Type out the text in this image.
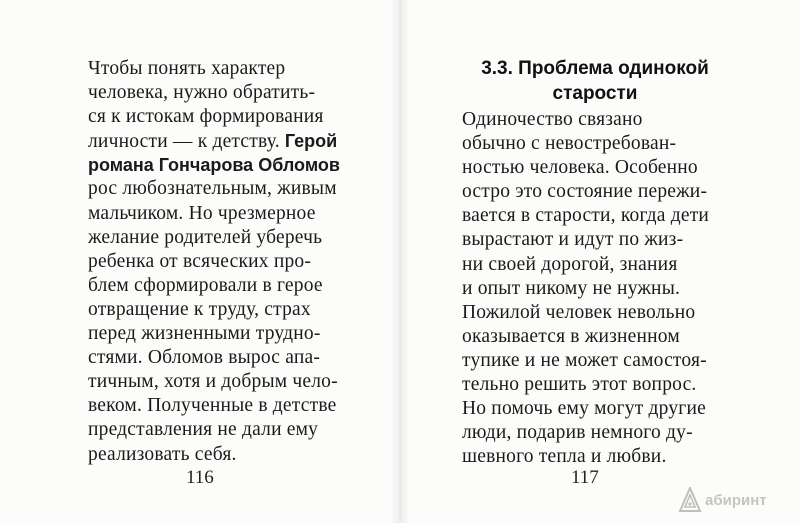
Чтобы понять характер
человека, нужно обратить-
ся к истокам формирования
личности — к детству. Герой
романа Гончарова Обломов
рос любознательным, живым
мальчиком. Но чрезмерное
желание родителей уберечь
ребенка от всяческих про-
блем сформировали в герое
отвращение к труду, страх
перед жизненными трудно-
стями. Обломов вырос апа-
тичным, хотя и добрым чело-
веком. Полученные в детстве
представления не дали ему
реализовать себя.
3.3. Проблема одинокой
старости
Одиночество связано
обычно с невостребован-
ностью человека. Особенно
остро это состояние пережи-
вается в старости, когда дети
вырастают и идут по жиз-
ни своей дорогой, знания
и опыт никому не нужны.
Пожилой человек невольно
оказывается в жизненном
тупике и не может самостоя-
тельно решить этот вопрос.
Но помочь ему могут другие
люди, подарив немного ду-
шевного тепла и любви.
116	117
абиринт
